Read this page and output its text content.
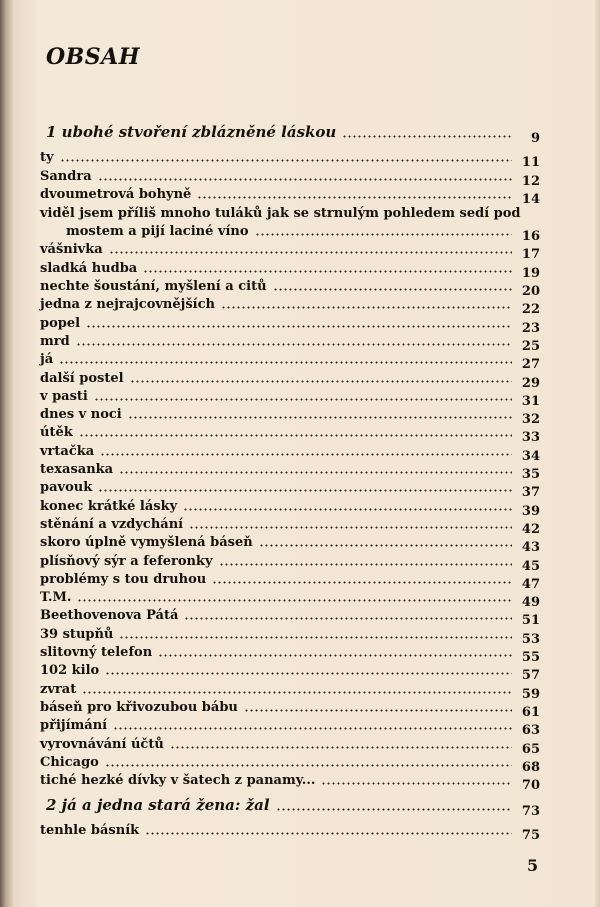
OBSAH
1 ubohé stvoření zblázněné láskou	9
ty	11
Sandra	12
dvoumetrová bohyně	14
viděl jsem příliš mnoho tuláků jak se strnulým pohledem sedí pod
mostem a pijí laciné víno	16
vášnivka	17
sladká hudba	19
nechte šoustání, myšlení a citů	20
jedna z nejrajcovnějších	22
popel	23
mrd	25
já	27
další postel	29
v pasti	31
dnes v noci	32
útěk	33
vrtačka	34
texasanka	35
pavouk	37
konec krátké lásky	39
stěnání a vzdychání	42
skoro úplně vymyšlená báseň	43
plísňový sýr a feferonky	45
problémy s tou druhou	47
T.M.	49
Beethovenova Pátá	51
39 stupňů	53
slitovný telefon	55
102 kilo	57
zvrat	59
báseň pro křivozubou bábu	61
přijímání	63
vyrovnávání účtů	65
Chicago	68
tiché hezké dívky v šatech z panamy...	70
2 já a jedna stará žena: žal	73
tenhle básník	75
5
